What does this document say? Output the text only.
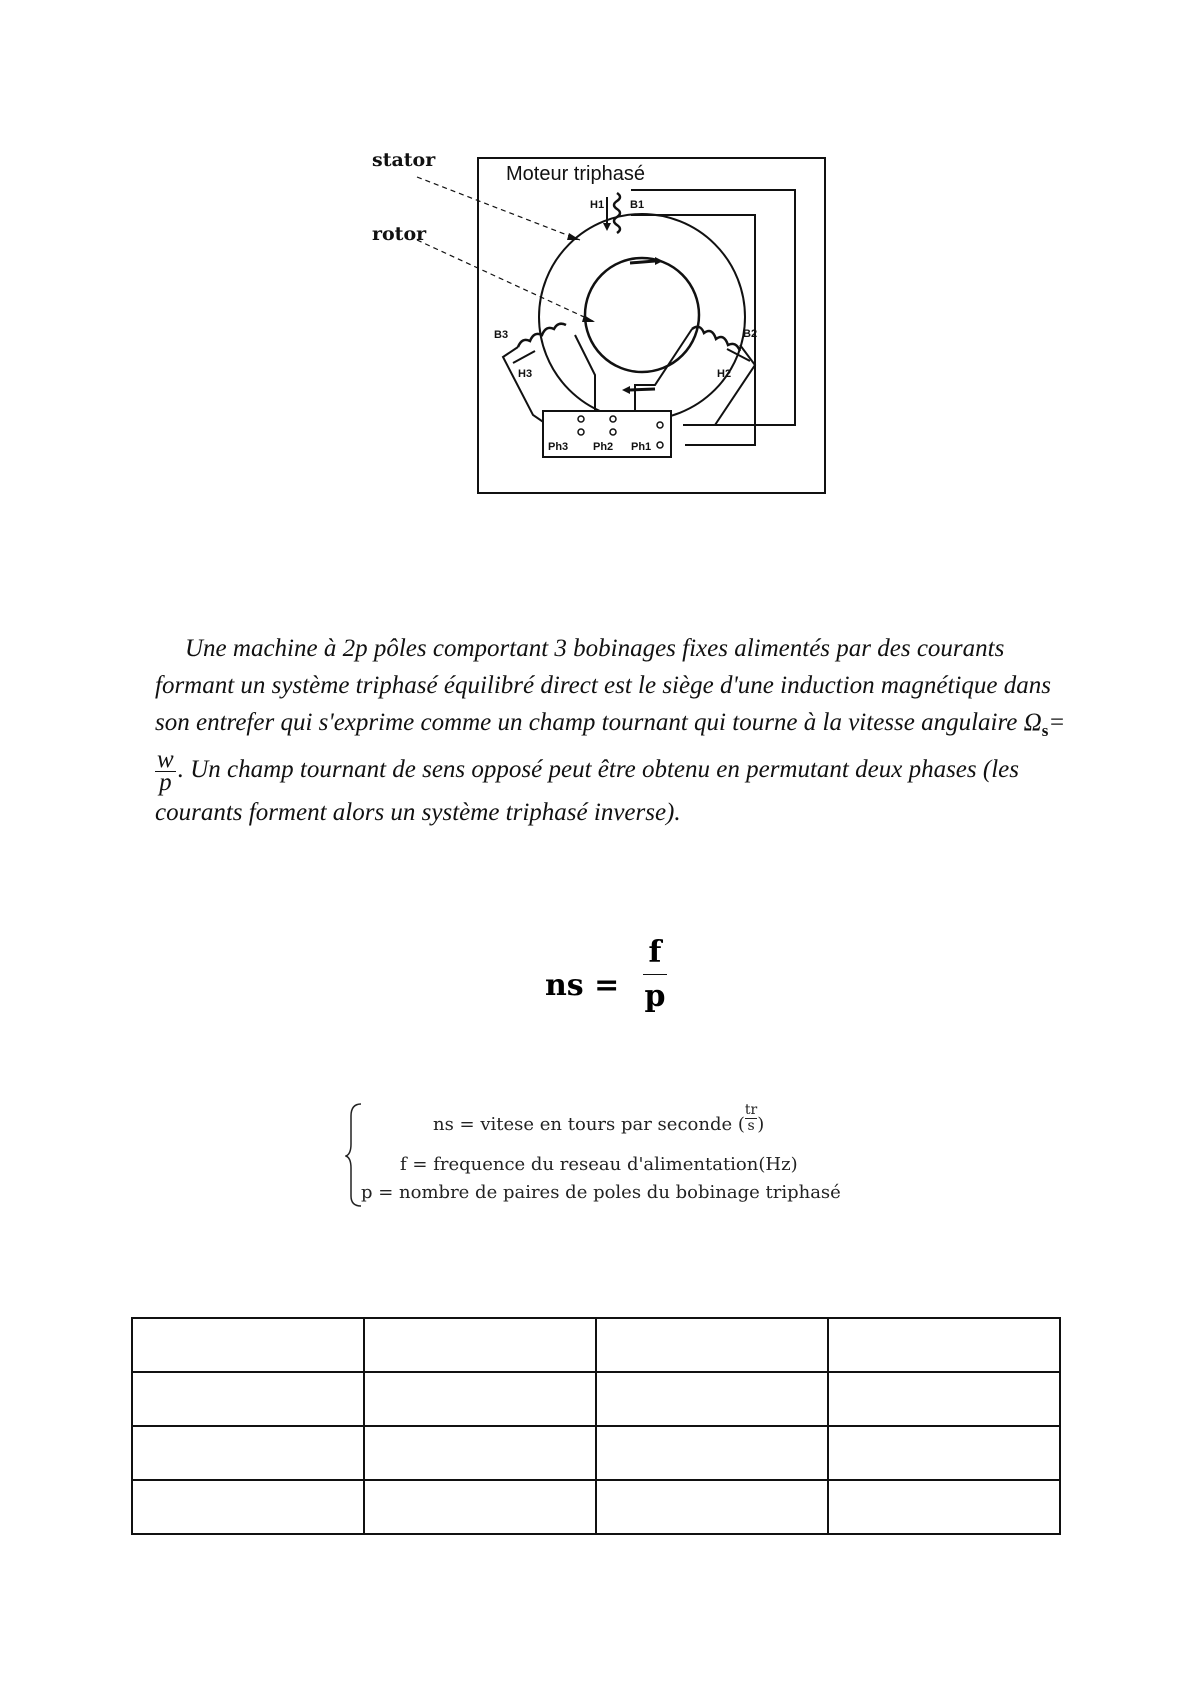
stator
rotor
Moteur triphasé
H1 B1
B3
H3
B2
H2
Ph3 Ph2 Ph1
Une machine à 2p pôles comportant 3 bobinages fixes alimentés par des courants
formant un système triphasé équilibré direct est le siège d'une induction magnétique dans
son entrefer qui s'exprime comme un champ tournant qui tourne à la vitesse angulaire $\Omega_s=$
$\frac{w}{p}$ . Un champ tournant de sens opposé peut être obtenu en permutant deux phases (les
courants forment alors un système triphasé inverse).
ns =
f
p
ns = vitese en tours par seconde ( $\frac{tr}{s}$ )
f = frequence du reseau d'alimentation(Hz)
p = nombre de paires de poles du bobinage triphasé
